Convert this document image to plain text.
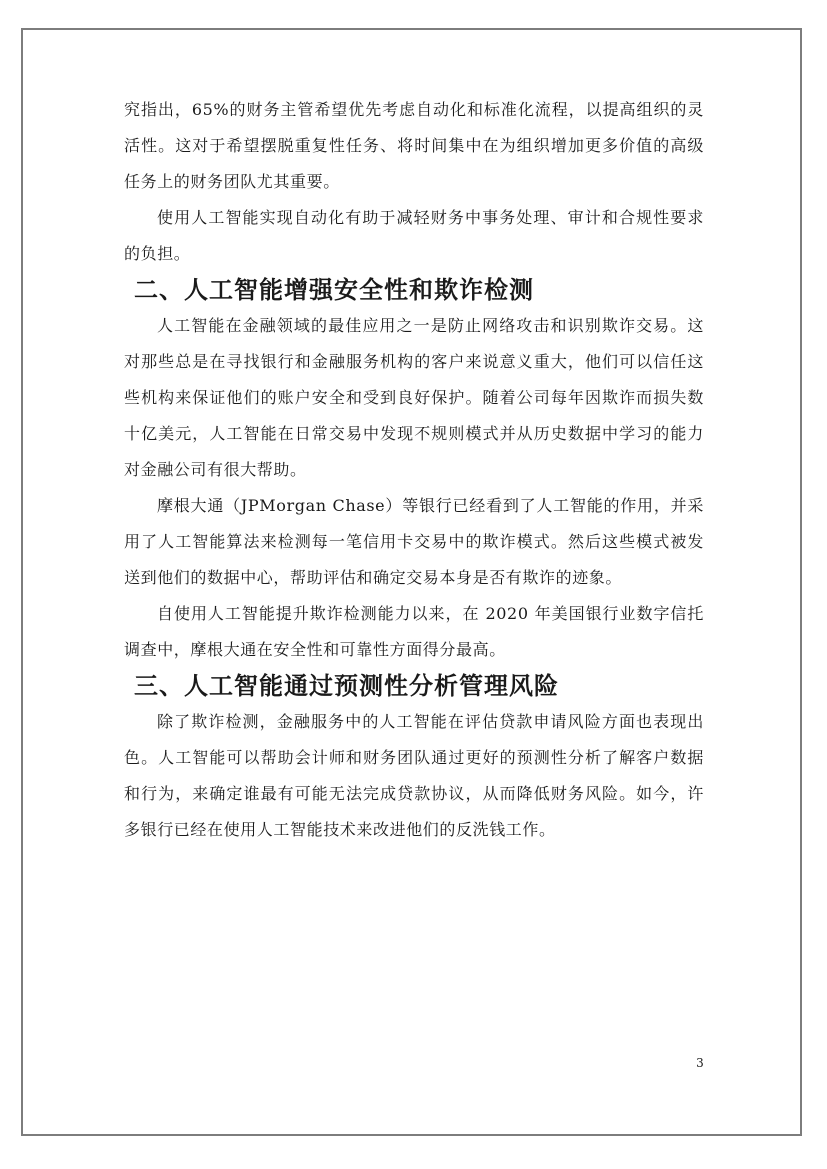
究指出，65%的财务主管希望优先考虑自动化和标准化流程，以提高组织的灵活性。这对于希望摆脱重复性任务、将时间集中在为组织增加更多价值的高级任务上的财务团队尤其重要。

使用人工智能实现自动化有助于减轻财务中事务处理、审计和合规性要求的负担。

二、人工智能增强安全性和欺诈检测

人工智能在金融领域的最佳应用之一是防止网络攻击和识别欺诈交易。这对那些总是在寻找银行和金融服务机构的客户来说意义重大，他们可以信任这些机构来保证他们的账户安全和受到良好保护。随着公司每年因欺诈而损失数十亿美元，人工智能在日常交易中发现不规则模式并从历史数据中学习的能力对金融公司有很大帮助。

摩根大通（JPMorgan Chase）等银行已经看到了人工智能的作用，并采用了人工智能算法来检测每一笔信用卡交易中的欺诈模式。然后这些模式被发送到他们的数据中心，帮助评估和确定交易本身是否有欺诈的迹象。

自使用人工智能提升欺诈检测能力以来，在 2020 年美国银行业数字信托调查中，摩根大通在安全性和可靠性方面得分最高。

三、人工智能通过预测性分析管理风险

除了欺诈检测，金融服务中的人工智能在评估贷款申请风险方面也表现出色。人工智能可以帮助会计师和财务团队通过更好的预测性分析了解客户数据和行为，来确定谁最有可能无法完成贷款协议，从而降低财务风险。如今，许多银行已经在使用人工智能技术来改进他们的反洗钱工作。

3
